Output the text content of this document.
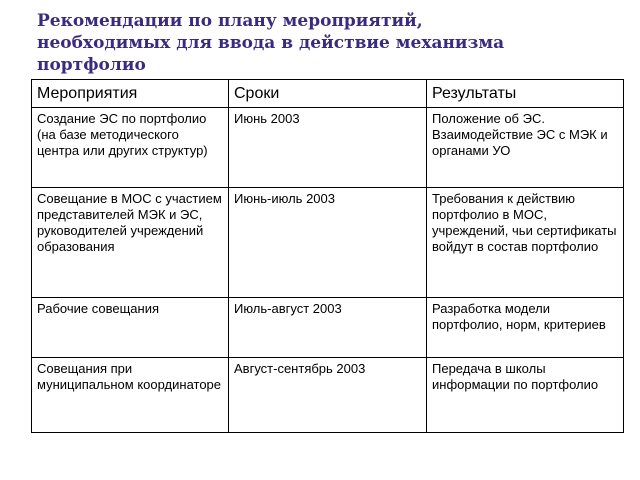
Рекомендации по плану мероприятий,
необходимых для ввода в действие механизма
портфолио
Мероприятия	Сроки	Результаты
Создание ЭС по портфолио (на базе методического центра или других структур)	Июнь 2003	Положение об ЭС. Взаимодействие ЭС с МЭК и органами УО
Совещание в МОС с участием представителей МЭК и ЭС, руководителей учреждений образования	Июнь-июль 2003	Требования к действию портфолио в МОС, учреждений, чьи сертификаты войдут в состав портфолио
Рабочие совещания	Июль-август 2003	Разработка модели портфолио, норм, критериев
Совещания при муниципальном координаторе	Август-сентябрь 2003	Передача в школы информации по портфолио
